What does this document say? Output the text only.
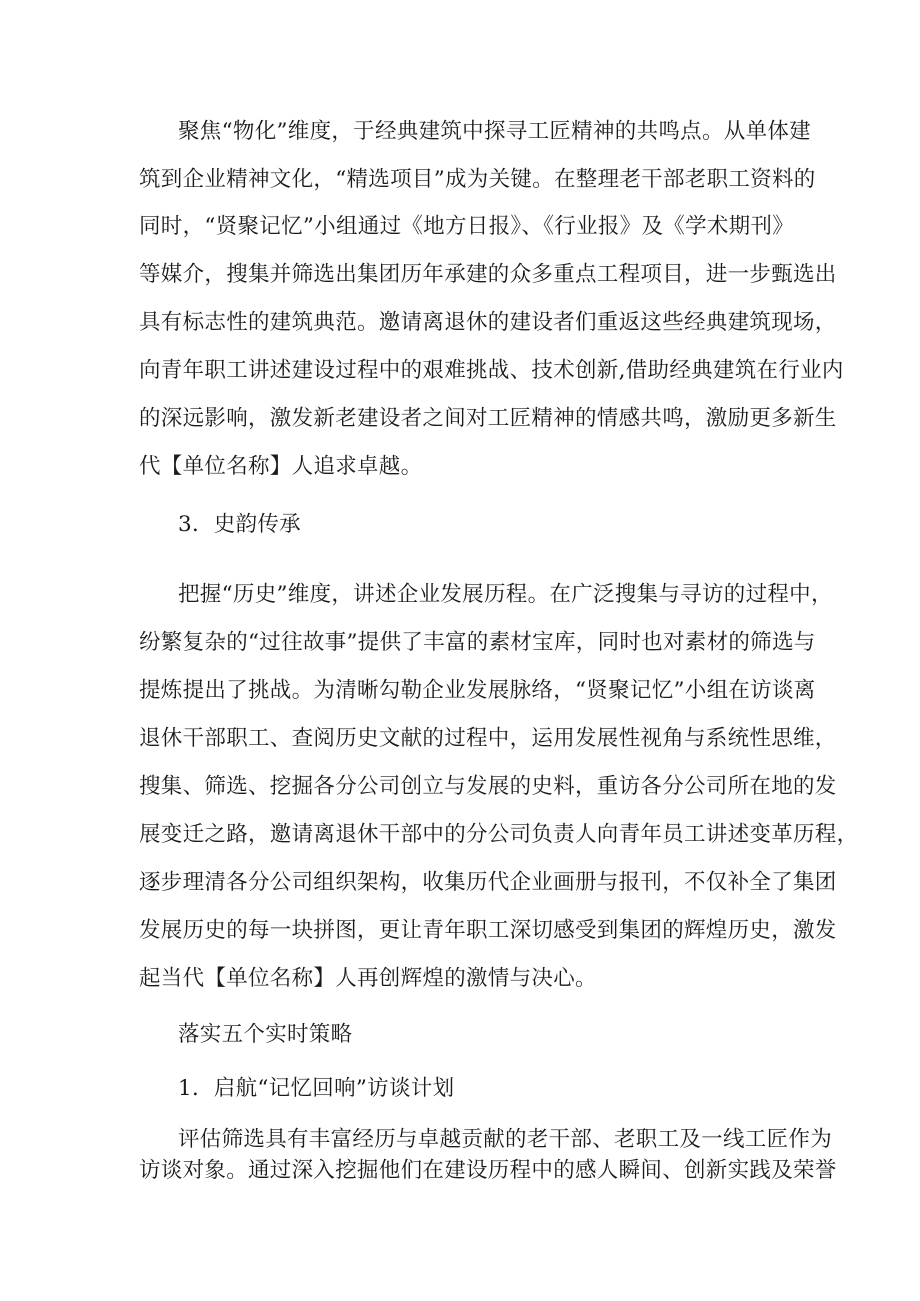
聚焦“物化”维度，于经典建筑中探寻工匠精神的共鸣点。从单体建
筑到企业精神文化，“精选项目”成为关键。在整理老干部老职工资料的
同时，“贤聚记忆”小组通过《地方日报》、《行业报》及《学术期刊》
等媒介，搜集并筛选出集团历年承建的众多重点工程项目，进一步甄选出
具有标志性的建筑典范。邀请离退休的建设者们重返这些经典建筑现场，
向青年职工讲述建设过程中的艰难挑战、技术创新,借助经典建筑在行业内
的深远影响，激发新老建设者之间对工匠精神的情感共鸣，激励更多新生
代【单位名称】人追求卓越。
3．史韵传承
把握“历史”维度，讲述企业发展历程。在广泛搜集与寻访的过程中，
纷繁复杂的“过往故事”提供了丰富的素材宝库，同时也对素材的筛选与
提炼提出了挑战。为清晰勾勒企业发展脉络，“贤聚记忆”小组在访谈离
退休干部职工、查阅历史文献的过程中，运用发展性视角与系统性思维，
搜集、筛选、挖掘各分公司创立与发展的史料，重访各分公司所在地的发
展变迁之路，邀请离退休干部中的分公司负责人向青年员工讲述变革历程，
逐步理清各分公司组织架构，收集历代企业画册与报刊，不仅补全了集团
发展历史的每一块拼图，更让青年职工深切感受到集团的辉煌历史，激发
起当代【单位名称】人再创辉煌的激情与决心。
落实五个实时策略
1．启航“记忆回响”访谈计划
评估筛选具有丰富经历与卓越贡献的老干部、老职工及一线工匠作为
访谈对象。通过深入挖掘他们在建设历程中的感人瞬间、创新实践及荣誉
